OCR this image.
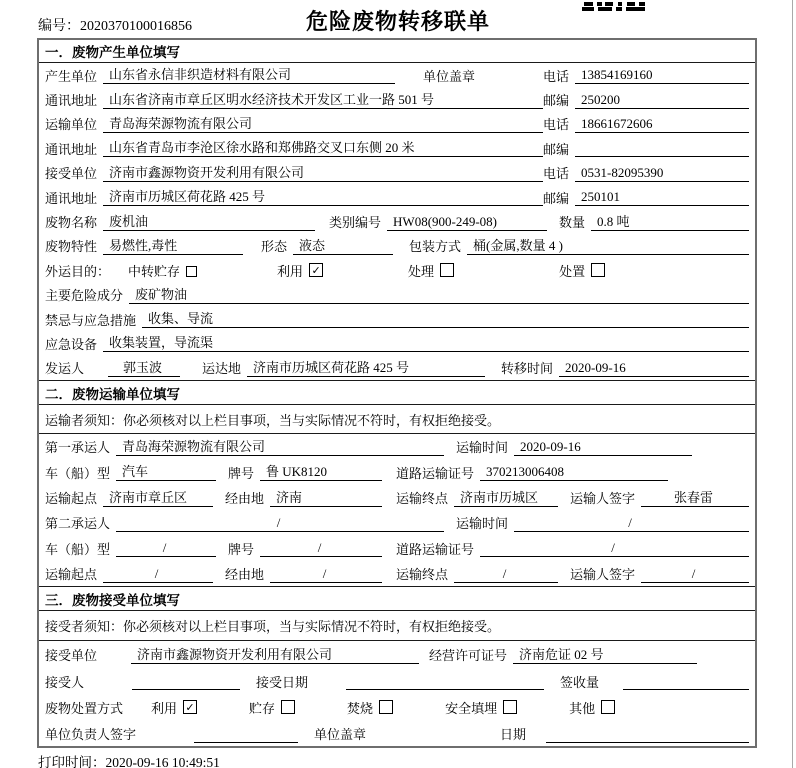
编号：2020370100016856	危险废物转移联单
一．废物产生单位填写
产生单位 山东省永信非织造材料有限公司	单位盖章	电话 13854169160
通讯地址 山东省济南市章丘区明水经济技术开发区工业一路 501 号	邮编 250200
运输单位 青岛海荣源物流有限公司	电话 18661672606
通讯地址 山东省青岛市李沧区徐水路和郑佛路交叉口东侧 20 米	邮编
接受单位 济南市鑫源物资开发利用有限公司	电话 0531-82095390
通讯地址 济南市历城区荷花路 425 号	邮编 250101
废物名称 废机油	类别编号 HW08(900-249-08)	数量 0.8 吨
废物特性 易燃性,毒性	形态 液态	包装方式 桶(金属,数量 4 )
外运目的： 中转贮存	利用 ✓	处理	处置
主要危险成分 废矿物油
禁忌与应急措施 收集、导流
应急设备 收集装置，导流渠
发运人	郭玉波	运达地 济南市历城区荷花路 425 号	转移时间 2020-09-16
二．废物运输单位填写
运输者须知：你必须核对以上栏目事项，当与实际情况不符时，有权拒绝接受。
第一承运人 青岛海荣源物流有限公司	运输时间 2020-09-16
车（船）型 汽车	牌号 鲁 UK8120	道路运输证号 370213006408
运输起点 济南市章丘区	经由地 济南	运输终点 济南市历城区	运输人签字	张春雷
第二承运人	/	运输时间	/
车（船）型	/	牌号	/	道路运输证号	/
运输起点	/	经由地	/	运输终点	/	运输人签字	/
三．废物接受单位填写
接受者须知：你必须核对以上栏目事项，当与实际情况不符时，有权拒绝接受。
接受单位	济南市鑫源物资开发利用有限公司	经营许可证号 济南危证 02 号
接受人	接受日期	签收量
废物处置方式 利用 ✓	贮存	焚烧	安全填埋	其他
单位负责人签字	单位盖章	日期
打印时间：2020-09-16 10:49:51
